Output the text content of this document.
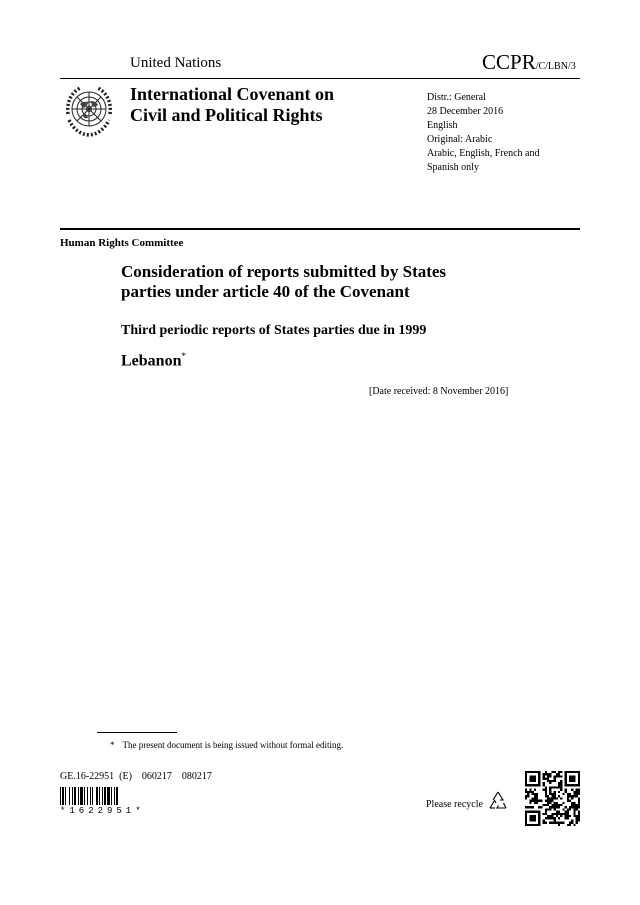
United Nations	CCPR/C/LBN/3
International Covenant on
Civil and Political Rights
Distr.: General
28 December 2016
English
Original: Arabic
Arabic, English, French and
Spanish only
Human Rights Committee
Consideration of reports submitted by States
parties under article 40 of the Covenant
Third periodic reports of States parties due in 1999
Lebanon*
[Date received: 8 November 2016]
* The present document is being issued without formal editing.
GE.16-22951  (E)    060217    080217
*1622951*
Please recycle
